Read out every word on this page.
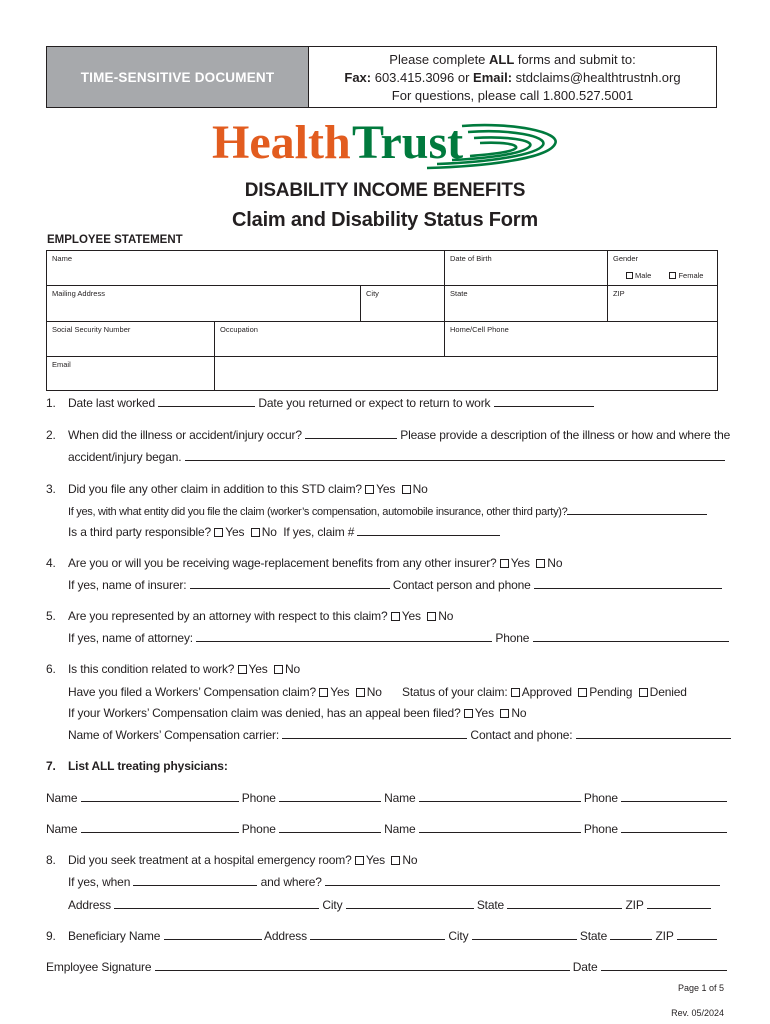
TIME-SENSITIVE DOCUMENT
Please complete ALL forms and submit to:
Fax: 603.415.3096 or Email: stdclaims@healthtrustnh.org
For questions, please call 1.800.527.5001
Health Trust
DISABILITY INCOME BENEFITS
Claim and Disability Status Form
EMPLOYEE STATEMENT
Name	Date of Birth	Gender
Male	Female
Mailing Address	City	State	ZIP
Social Security Number	Occupation	Home/Cell Phone
Email
1. Date last worked	Date you returned or expect to return to work
2. When did the illness or accident/injury occur?	Please provide a description of the illness or how and where the
accident/injury began.
3. Did you file any other claim in addition to this STD claim? Yes No
If yes, with what entity did you file the claim (worker’s compensation, automobile insurance, other third party)?
Is a third party responsible? Yes No If yes, claim #
4. Are you or will you be receiving wage-replacement benefits from any other insurer? Yes No
If yes, name of insurer:	Contact person and phone
5. Are you represented by an attorney with respect to this claim? Yes No
If yes, name of attorney:	Phone
6. Is this condition related to work? Yes No
Have you filed a Workers’ Compensation claim? Yes No Status of your claim: Approved Pending Denied
If your Workers’ Compensation claim was denied, has an appeal been filed? Yes No
Name of Workers’ Compensation carrier:	Contact and phone:
7. List ALL treating physicians:
Name	Phone	Name	Phone
Name	Phone	Name	Phone
8. Did you seek treatment at a hospital emergency room? Yes No
If yes, when	and where?
Address	City	State	ZIP
9. Beneficiary Name	Address	City	State	ZIP
Employee Signature	Date
Page 1 of 5
Rev. 05/2024
